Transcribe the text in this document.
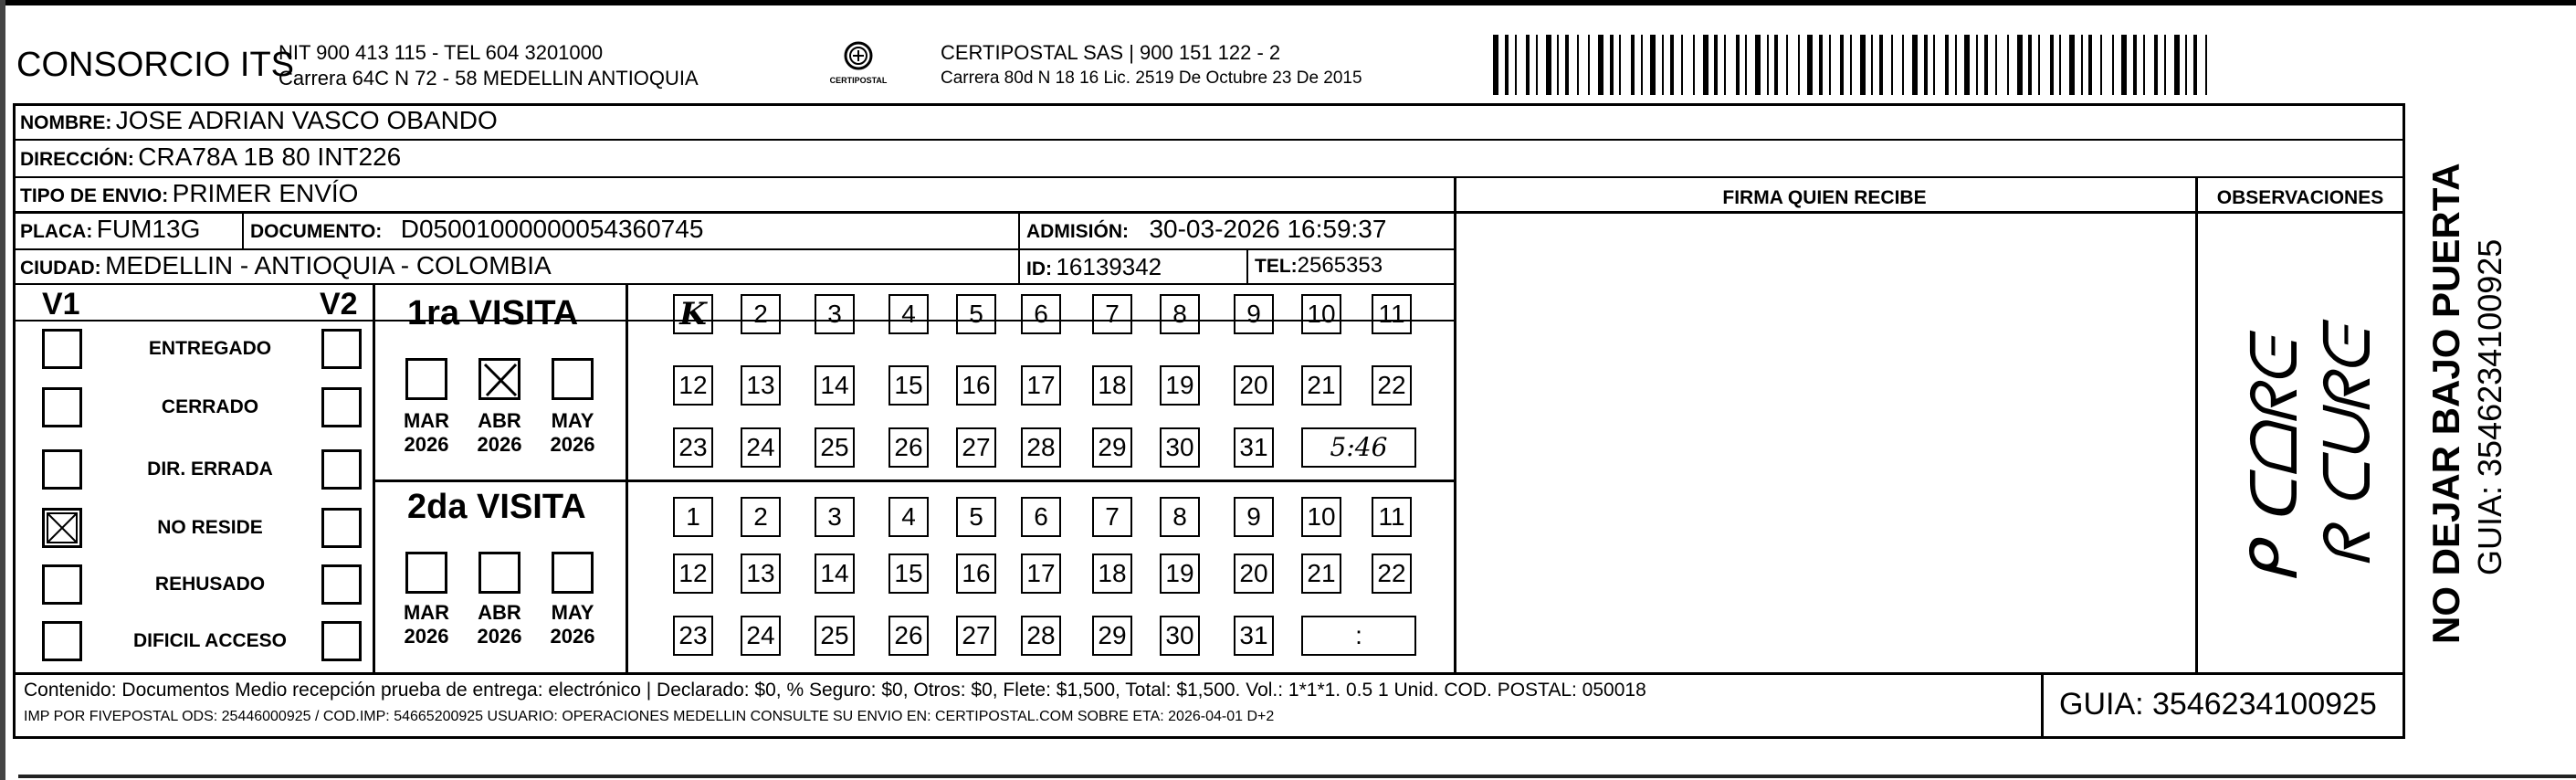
CONSORCIO ITS
NIT 900 413 115 - TEL 604 3201000
Carrera 64C N 72 - 58 MEDELLIN ANTIOQUIA	CERTIPOSTAL
CERTIPOSTAL SAS | 900 151 122 - 2
Carrera 80d N 18 16 Lic. 2519 De Octubre 23 De 2015
NOMBRE: JOSE ADRIAN VASCO OBANDO
DIRECCIÓN: CRA78A 1B 80 INT226
TIPO DE ENVIO: PRIMER ENVÍO	FIRMA QUIEN RECIBE	OBSERVACIONES
PLACA: FUM13G	DOCUMENTO: D05001000000054360745	ADMISIÓN: 30-03-2026 16:59:37
CIUDAD: MEDELLIN - ANTIOQUIA - COLOMBIA	ID: 16139342	TEL:2565353
V1	V2
ENTREGADO
CERRADO
DIR. ERRADA
NO RESIDE
REHUSADO
DIFICIL ACCESO
1ra VISITA
2da VISITA
MAR
2026
ABR
2026
MAY
2026
MAR
2026
ABR
2026
MAY
2026
K	2	3	4	5	6	7	8	9	10 11
12 13 14 15 16 17 18 19 20 21 22
23 24 25 26 27 28 29 30 31	5:46
1	2	3	4	5	6	7	8	9	10 11
12 13 14 15 16 17 18 19 20 21 22
23 24 25 26 27 28 29 30 31	:
ᑭ ᑕᗝᖇᕮ
ᖇ ᑕᑌᖇᕮ
Contenido: Documentos Medio recepción prueba de entrega: electrónico | Declarado: $0, % Seguro: $0, Otros: $0, Flete: $1,500, Total: $1,500. Vol.: 1*1*1. 0.5 1 Unid. COD. POSTAL: 050018
IMP POR FIVEPOSTAL ODS: 25446000925 / COD.IMP: 54665200925 USUARIO: OPERACIONES MEDELLIN CONSULTE SU ENVIO EN: CERTIPOSTAL.COM SOBRE ETA: 2026-04-01 D+2	GUIA: 3546234100925
NO DEJAR BAJO PUERTA GUIA: 3546234100925
